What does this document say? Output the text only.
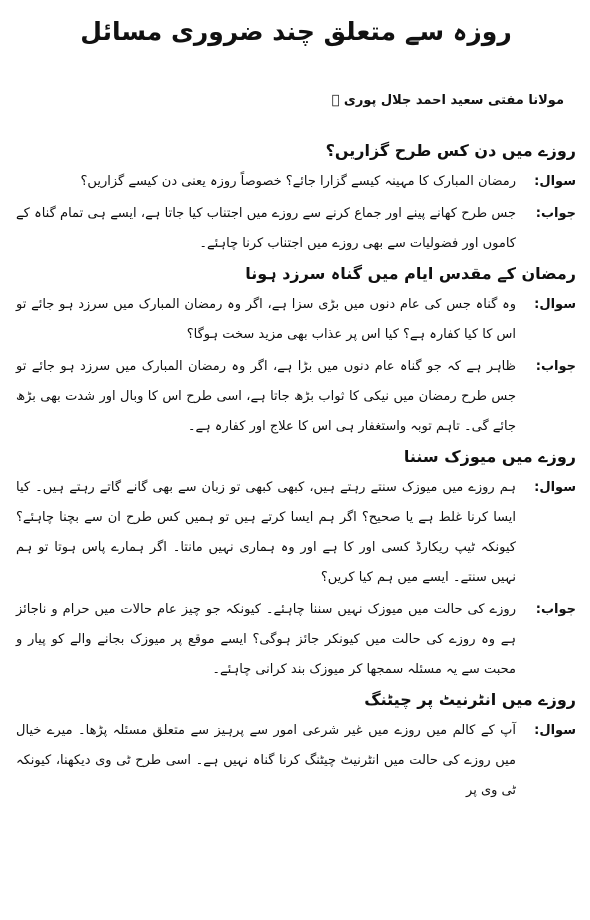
روزہ سے متعلق چند ضروری مسائل
مولانا مفتی سعید احمد جلال پوری ﷫
روزے میں دن کس طرح گزاریں؟
سوال:
رمضان المبارک کا مہینہ کیسے گزارا جائے؟ خصوصاً روزہ یعنی دن کیسے گزاریں؟
جواب:
جس طرح کھانے پینے اور جماع کرنے سے روزے میں اجتناب کیا جاتا ہے، ایسے ہی تمام گناہ کے کاموں اور فضولیات سے بھی روزے میں اجتناب کرنا چاہئے۔
رمضان کے مقدس ایام میں گناہ سرزد ہونا
سوال:
وہ گناہ جس کی عام دنوں میں بڑی سزا ہے، اگر وہ رمضان المبارک میں سرزد ہو جائے تو اس کا کیا کفارہ ہے؟ کیا اس پر عذاب بھی مزید سخت ہوگا؟
جواب:
ظاہر ہے کہ جو گناہ عام دنوں میں بڑا ہے، اگر وہ رمضان المبارک میں سرزد ہو جائے تو جس طرح رمضان میں نیکی کا ثواب بڑھ جاتا ہے، اسی طرح اس کا وبال اور شدت بھی بڑھ جائے گی۔ تاہم توبہ واستغفار ہی اس کا علاج اور کفارہ ہے۔
روزے میں میوزک سننا
سوال:
ہم روزے میں میوزک سنتے رہتے ہیں، کبھی کبھی تو زبان سے بھی گانے گاتے رہتے ہیں۔ کیا ایسا کرنا غلط ہے یا صحیح؟ اگر ہم ایسا کرتے ہیں تو ہمیں کس طرح ان سے بچنا چاہئے؟ کیونکہ ٹیپ ریکارڈ کسی اور کا ہے اور وہ ہماری نہیں مانتا۔ اگر ہمارے پاس ہوتا تو ہم نہیں سنتے۔ ایسے میں ہم کیا کریں؟
جواب:
روزے کی حالت میں میوزک نہیں سننا چاہئے۔ کیونکہ جو چیز عام حالات میں حرام و ناجائز ہے وہ روزے کی حالت میں کیونکر جائز ہوگی؟ ایسے موقع پر میوزک بجانے والے کو پیار و محبت سے یہ مسئلہ سمجھا کر میوزک بند کرانی چاہئے۔
روزے میں انٹرنیٹ پر چیٹنگ
سوال:
آپ کے کالم میں روزے میں غیر شرعی امور سے پرہیز سے متعلق مسئلہ پڑھا۔ میرے خیال میں روزے کی حالت میں انٹرنیٹ چیٹنگ کرنا گناہ نہیں ہے۔ اسی طرح ٹی وی دیکھنا، کیونکہ ٹی وی پر
